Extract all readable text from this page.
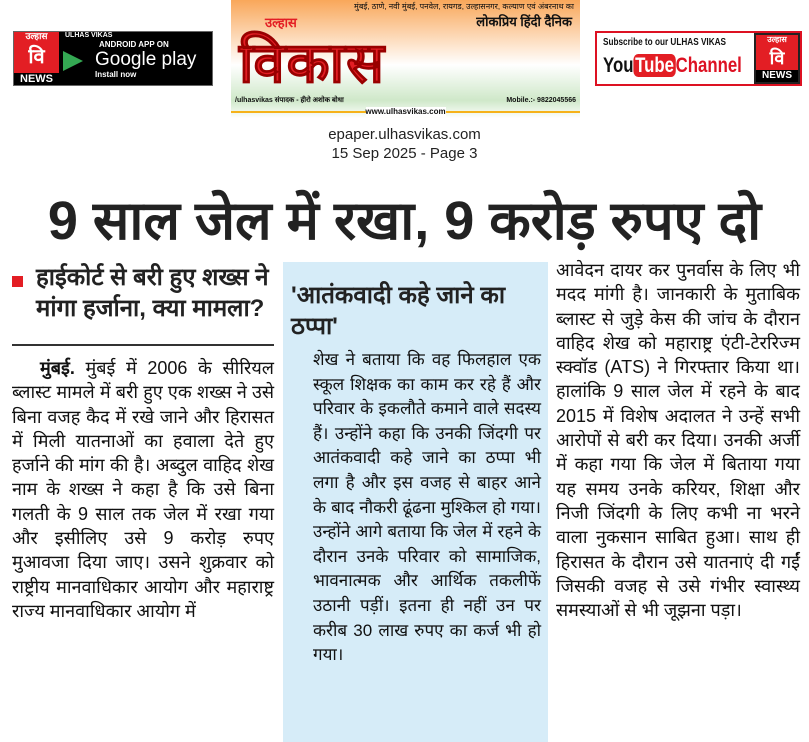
उल्हास
वि
NEWS
ULHAS VIKAS
ANDROID APP ON
Google play
Install now
मुंबई, ठाणे, नवी मुंबई, पनवेल, रायगड, उल्हासनगर, कल्याण एवं अंबरनाथ का
उल्हास	लोकप्रिय हिंदी दैनिक
विकास
/ulhasvikas संपादक - हीरो अशोक बोधा	Mobile.:- 9822045566
www.ulhasvikas.com
Subscribe to our ULHAS VIKAS
YouTubeChannel
उल्हास
वि
NEWS
epaper.ulhasvikas.com
15 Sep 2025 - Page 3
9 साल जेल में रखा, 9 करोड़ रुपए दो
हाईकोर्ट से बरी हुए शख्स ने मांगा हर्जाना, क्या मामला?
मुंबई. मुंबई में 2006 के सीरियल ब्लास्ट मामले में बरी हुए एक शख्स ने उसे बिना वजह कैद में रखे जाने और हिरासत में मिली यातनाओं का हवाला देते हुए हर्जाने की मांग की है। अब्दुल वाहिद शेख नाम के शख्स ने कहा है कि उसे बिना गलती के 9 साल तक जेल में रखा गया और इसीलिए उसे 9 करोड़ रुपए मुआवजा दिया जाए। उसने शुक्रवार को राष्ट्रीय मानवाधिकार आयोग और महाराष्ट्र राज्य मानवाधिकार आयोग में
'आतंकवादी कहे जाने का ठप्पा'
शेख ने बताया कि वह फिलहाल एक स्कूल शिक्षक का काम कर रहे हैं और परिवार के इकलौते कमाने वाले सदस्य हैं। उन्होंने कहा कि उनकी जिंदगी पर आतंकवादी कहे जाने का ठप्पा भी लगा है और इस वजह से बाहर आने के बाद नौकरी ढूंढना मुश्किल हो गया। उन्होंने आगे बताया कि जेल में रहने के दौरान उनके परिवार को सामाजिक, भावनात्मक और आर्थिक तकलीफें उठानी पड़ीं। इतना ही नहीं उन पर करीब 30 लाख रुपए का कर्ज भी हो गया।
आवेदन दायर कर पुनर्वास के लिए भी मदद मांगी है। जानकारी के मुताबिक ब्लास्ट से जुड़े केस की जांच के दौरान वाहिद शेख को महाराष्ट्र एंटी-टेररिज्म स्क्वॉड (ATS) ने गिरफ्तार किया था। हालांकि 9 साल जेल में रहने के बाद 2015 में विशेष अदालत ने उन्हें सभी आरोपों से बरी कर दिया। उनकी अर्जी में कहा गया कि जेल में बिताया गया यह समय उनके करियर, शिक्षा और निजी जिंदगी के लिए कभी ना भरने वाला नुकसान साबित हुआ। साथ ही हिरासत के दौरान उसे यातनाएं दी गईं जिसकी वजह से उसे गंभीर स्वास्थ्य समस्याओं से भी जूझना पड़ा।
